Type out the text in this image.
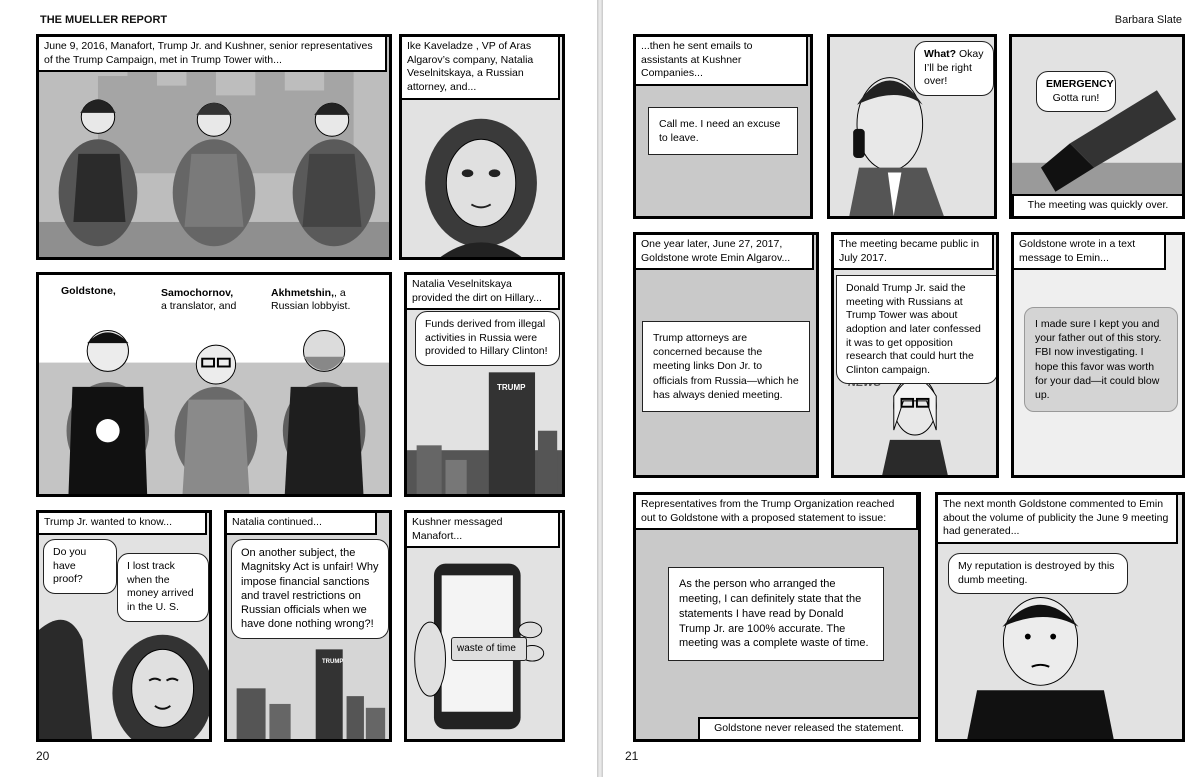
THE MUELLER REPORT
20
June 9, 2016, Manafort, Trump Jr. and Kushner, senior representatives of the Trump Campaign, met in Trump Tower with...
Ike Kaveladze , VP of Aras Algarov’s company, Natalia Veselnitskaya, a Russian attorney, and...
Goldstone,	Samochornov,
a translator, and
Akhmetshin,, a Russian lobbyist.
TRUMP
Natalia Veselnitskaya provided the dirt on Hillary...
Funds derived from illegal activities in Russia were provided to Hillary Clinton!
Trump Jr. wanted to know...
Do you have proof?
I lost track when the money arrived in the U. S.
TRUMP
Natalia continued...
On another subject, the Magnitsky Act is unfair! Why impose financial sanctions and travel restrictions on Russian officials when we have done nothing wrong?!
Kushner messaged Manafort...
waste of time
Barbara Slate
21
...then he sent emails to assistants at Kushner Companies...
Call me. I need an excuse to leave.
What? Okay I’ll be right over!	EMERGENCY
Gotta run!
The meeting was quickly over.
One year later, June 27, 2017, Goldstone wrote Emin Algarov...
Trump attorneys are concerned because the meeting links Don Jr. to officials from Russia—which he has always denied meeting.
The meeting became public in July 2017.
Donald Trump Jr. said the meeting with Russians at Trump Tower was about adoption and later confessed it was to get opposition research that could hurt the Clinton campaign.
Goldstone wrote in a text message to Emin...
I made sure I kept you and your father out of this story. FBI now investigating. I hope this favor was worth for your dad—it could blow up.
Representatives from the Trump Organization reached out to Goldstone with a proposed statement to issue:
As the person who arranged the meeting, I can definitely state that the statements I have read by Donald Trump Jr. are 100% accurate. The meeting was a complete waste of time.
Goldstone never released the statement.
The next month Goldstone commented to Emin about the volume of publicity the June 9 meeting had generated...
My reputation is destroyed by this dumb meeting.
